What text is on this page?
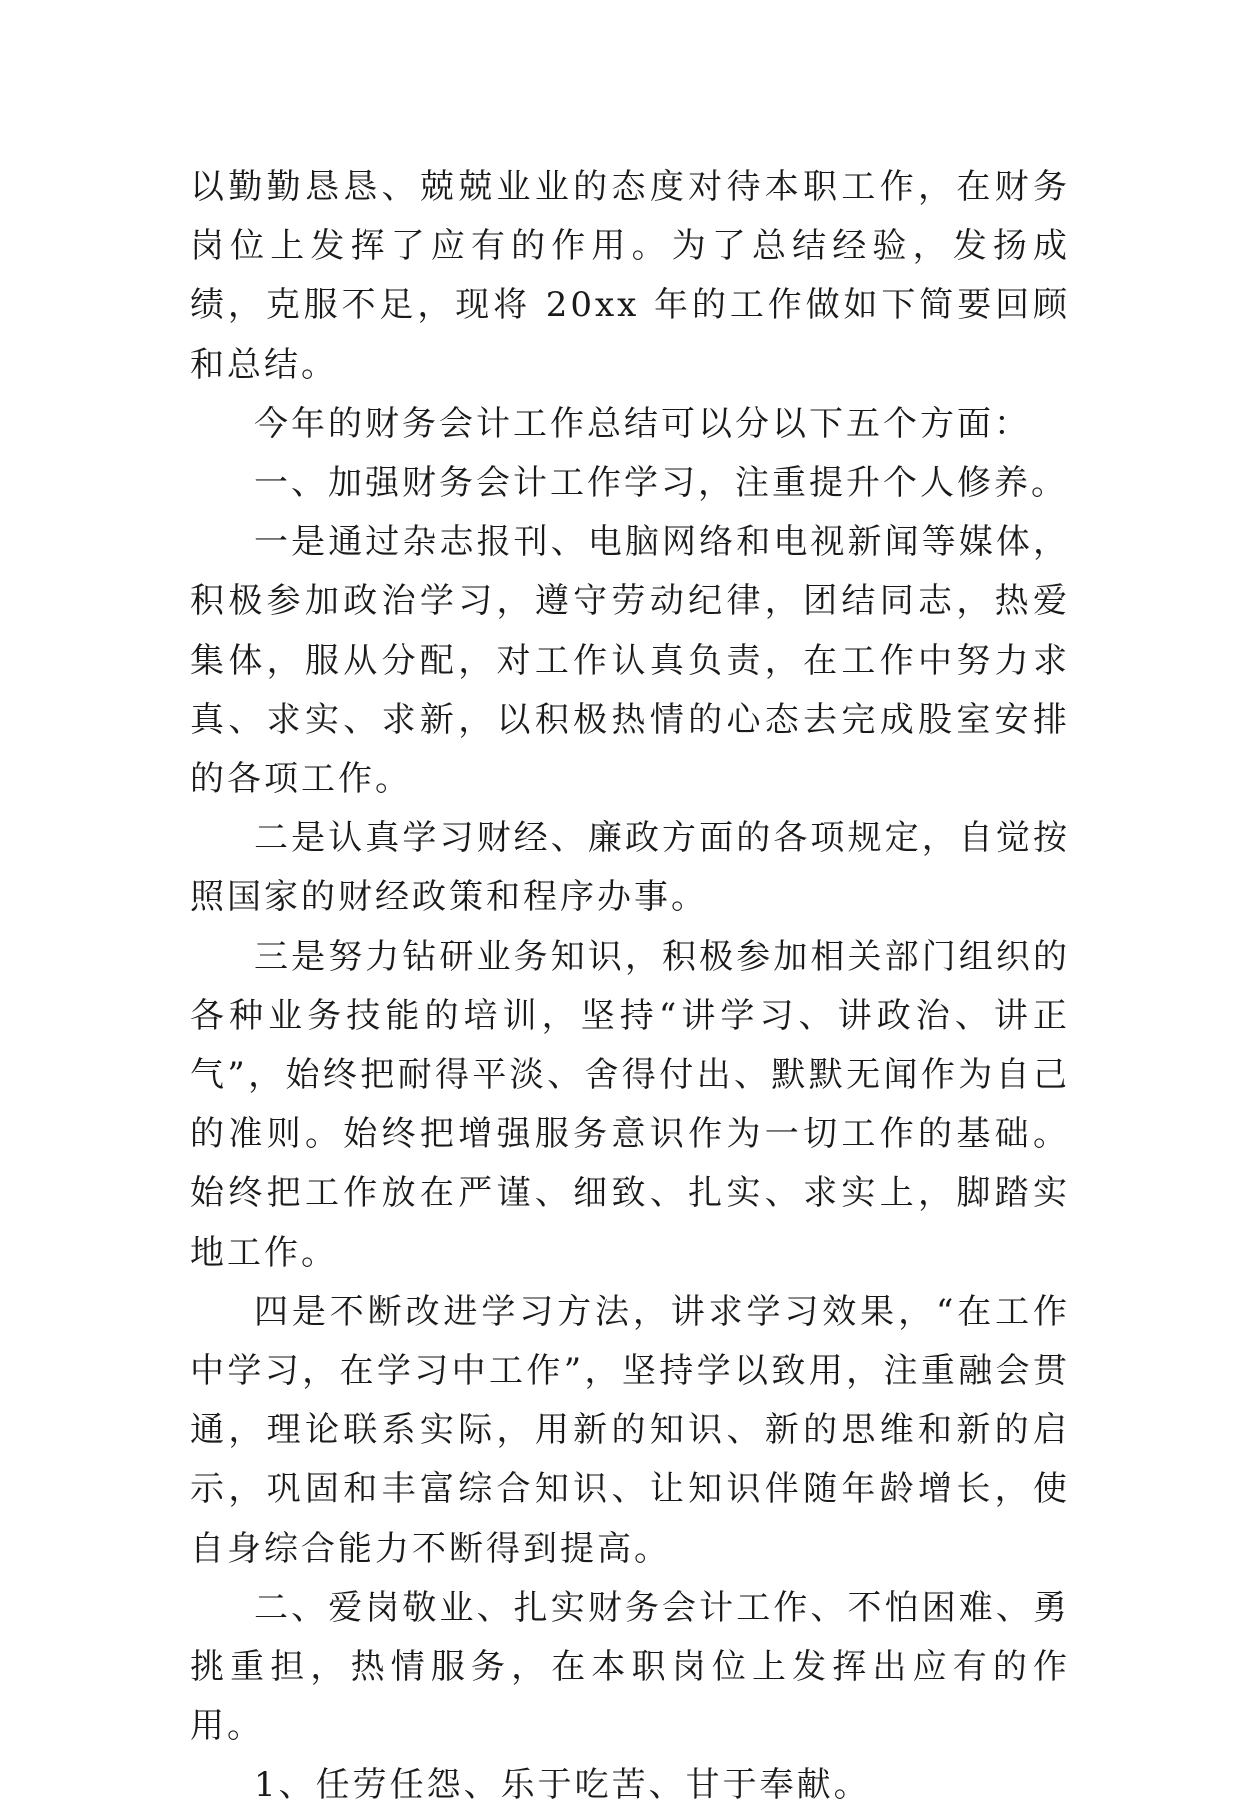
以勤勤恳恳、兢兢业业的态度对待本职工作，在财务岗位上发挥了应有的作用。为了总结经验，发扬成绩，克服不足，现将 20xx 年的工作做如下简要回顾和总结。

今年的财务会计工作总结可以分以下五个方面：

一、加强财务会计工作学习，注重提升个人修养。

一是通过杂志报刊、电脑网络和电视新闻等媒体，积极参加政治学习，遵守劳动纪律，团结同志，热爱集体，服从分配，对工作认真负责，在工作中努力求真、求实、求新，以积极热情的心态去完成股室安排的各项工作。

二是认真学习财经、廉政方面的各项规定，自觉按照国家的财经政策和程序办事。

三是努力钻研业务知识，积极参加相关部门组织的各种业务技能的培训，坚持“讲学习、讲政治、讲正气”，始终把耐得平淡、舍得付出、默默无闻作为自己的准则。始终把增强服务意识作为一切工作的基础。始终把工作放在严谨、细致、扎实、求实上，脚踏实地工作。

四是不断改进学习方法，讲求学习效果，“在工作中学习，在学习中工作”，坚持学以致用，注重融会贯通，理论联系实际，用新的知识、新的思维和新的启示，巩固和丰富综合知识、让知识伴随年龄增长，使自身综合能力不断得到提高。

二、爱岗敬业、扎实财务会计工作、不怕困难、勇挑重担，热情服务，在本职岗位上发挥出应有的作用。

1、任劳任怨、乐于吃苦、甘于奉献。
